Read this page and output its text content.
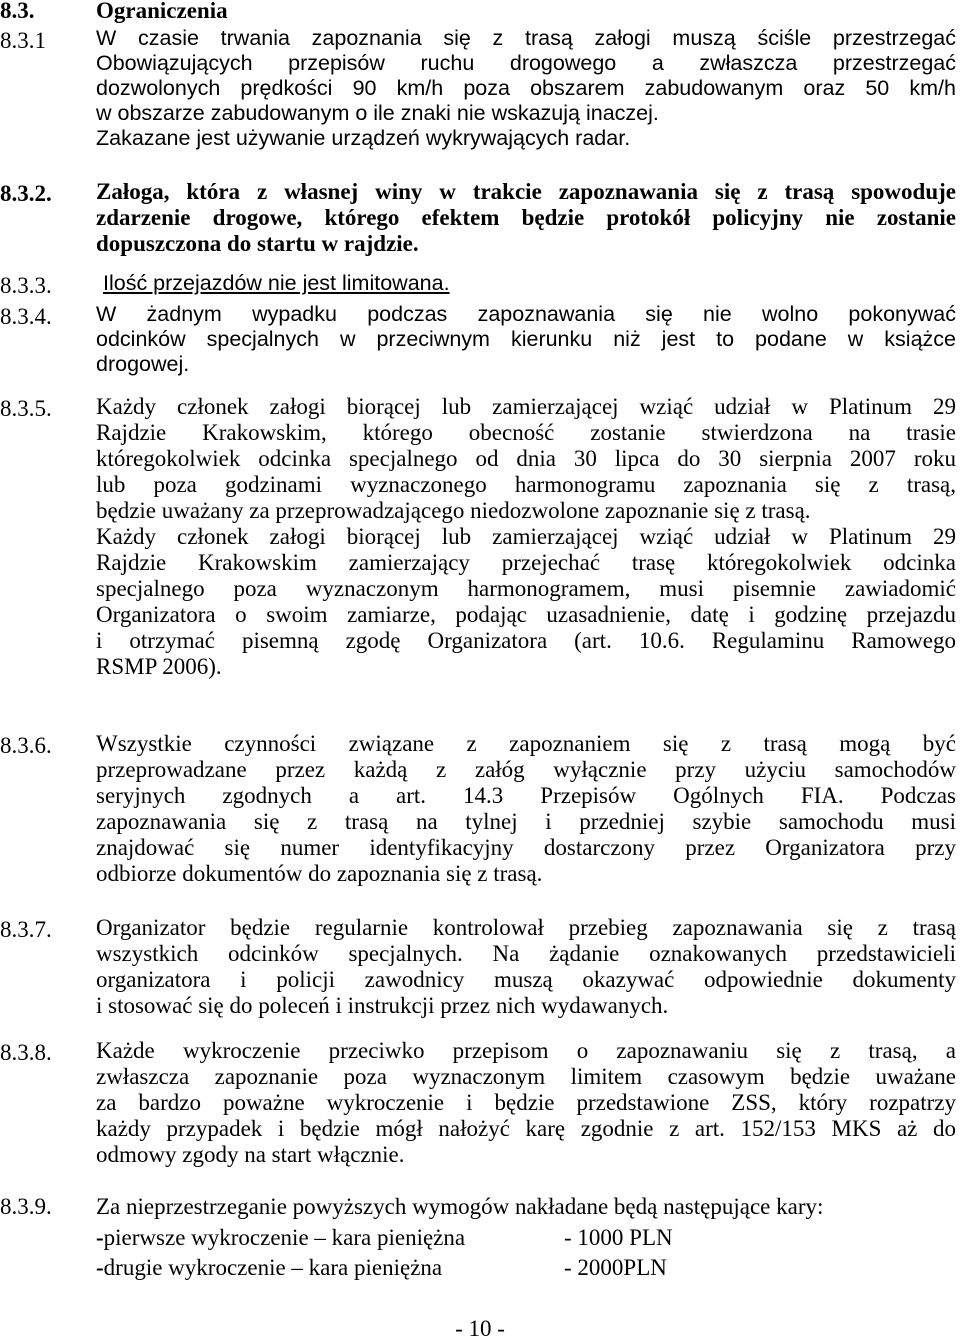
8.3.	Ograniczenia
8.3.1 W czasie trwania zapoznania się z trasą załogi muszą ściśle przestrzegać
Obowiązujących przepisów ruchu drogowego a zwłaszcza przestrzegać
dozwolonych prędkości 90 km/h poza obszarem zabudowanym oraz 50 km/h
w obszarze zabudowanym o ile znaki nie wskazują inaczej.
Zakazane jest używanie urządzeń wykrywających radar.
8.3.2. Załoga, która z własnej winy w trakcie zapoznawania się z trasą spowoduje
zdarzenie drogowe, którego efektem będzie protokół policyjny nie zostanie
dopuszczona do startu w rajdzie.
8.3.3. Ilość przejazdów nie jest limitowana.
8.3.4. W żadnym wypadku podczas zapoznawania się nie wolno pokonywać
odcinków specjalnych w przeciwnym kierunku niż jest to podane w książce
drogowej.
8.3.5. Każdy członek załogi biorącej lub zamierzającej wziąć udział w Platinum 29
Rajdzie Krakowskim, którego obecność zostanie stwierdzona na trasie
któregokolwiek odcinka specjalnego od dnia 30 lipca do 30 sierpnia 2007 roku
lub poza godzinami wyznaczonego harmonogramu zapoznania się z trasą,
będzie uważany za przeprowadzającego niedozwolone zapoznanie się z trasą.
Każdy członek załogi biorącej lub zamierzającej wziąć udział w Platinum 29
Rajdzie Krakowskim zamierzający przejechać trasę któregokolwiek odcinka
specjalnego poza wyznaczonym harmonogramem, musi pisemnie zawiadomić
Organizatora o swoim zamiarze, podając uzasadnienie, datę i godzinę przejazdu
i otrzymać pisemną zgodę Organizatora (art. 10.6. Regulaminu Ramowego
RSMP 2006).
8.3.6. Wszystkie czynności związane z zapoznaniem się z trasą mogą być
przeprowadzane przez każdą z załóg wyłącznie przy użyciu samochodów
seryjnych zgodnych a art. 14.3 Przepisów Ogólnych FIA. Podczas
zapoznawania się z trasą na tylnej i przedniej szybie samochodu musi
znajdować się numer identyfikacyjny dostarczony przez Organizatora przy
odbiorze dokumentów do zapoznania się z trasą.
8.3.7. Organizator będzie regularnie kontrolował przebieg zapoznawania się z trasą
wszystkich odcinków specjalnych. Na żądanie oznakowanych przedstawicieli
organizatora i policji zawodnicy muszą okazywać odpowiednie dokumenty
i stosować się do poleceń i instrukcji przez nich wydawanych.
8.3.8. Każde wykroczenie przeciwko przepisom o zapoznawaniu się z trasą, a
zwłaszcza zapoznanie poza wyznaczonym limitem czasowym będzie uważane
za bardzo poważne wykroczenie i będzie przedstawione ZSS, który rozpatrzy
każdy przypadek i będzie mógł nałożyć karę zgodnie z art. 152/153 MKS aż do
odmowy zgody na start włącznie.
8.3.9. Za nieprzestrzeganie powyższych wymogów nakładane będą następujące kary:
-pierwsze wykroczenie – kara pieniężna	- 1000 PLN
-drugie wykroczenie – kara pieniężna	- 2000PLN
- 10 -
